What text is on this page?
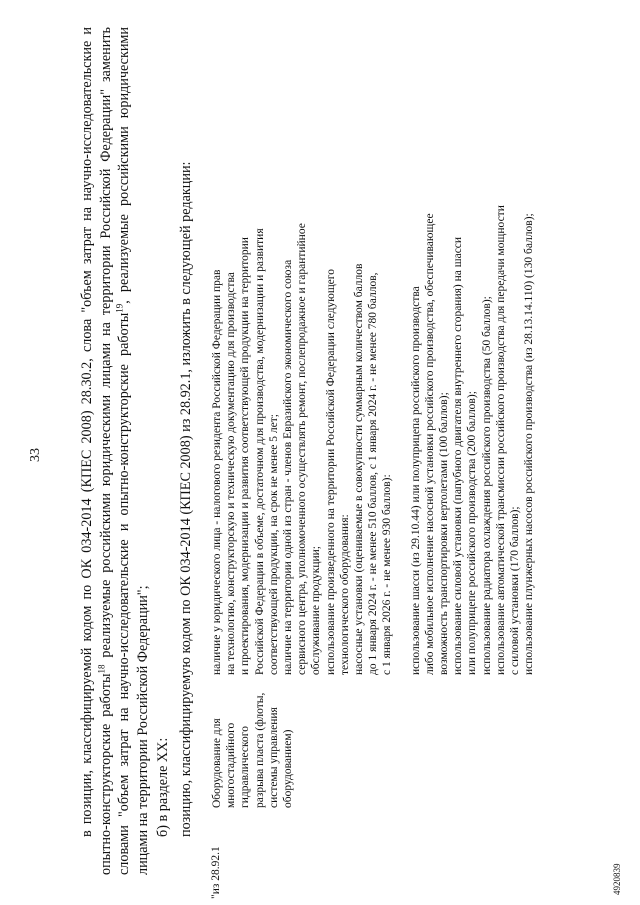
33	в позиции, классифицируемой кодом по ОК 034-2014 (КПЕС 2008) 28.30.2, слова "объем затрат на научно-исследовательские и опытно-конструкторские работы$^{18}$ реализуемые российскими юридическими лицами на территории Российской Федерации" заменить словами "объем затрат на научно-исследовательские и опытно-конструкторские работы$^{19}$, реализуемые российскими юридическими лицами на территории Российской Федерации"; б) в разделе XX: позицию, классифицируемую кодом по ОК 034-2014 (КПЕС 2008) из 28.92.1, изложить в следующей редакции:
"из 28.92.1
Оборудование для многостадийного гидравлического разрыва пласта (флоты, системы управления оборудованием)
наличие у юридического лица - налогового резидента Российской Федерации прав на технологию, конструкторскую и техническую документацию для производства и проектирования, модернизации и развития соответствующей продукции на территории Российской Федерации в объеме, достаточном для производства, модернизации и развития соответствующей продукции, на срок не менее 5 лет; наличие на территории одной из стран - членов Евразийского экономического союза сервисного центра, уполномоченного осуществлять ремонт, послепродажное и гарантийное обслуживание продукции; использование произведенного на территории Российской Федерации следующего технологического оборудования: насосные установки (оцениваемые в совокупности суммарным количеством баллов до 1 января 2024 г. - не менее 510 баллов, с 1 января 2024 г. - не менее 780 баллов, с 1 января 2026 г. - не менее 930 баллов): использование шасси (из 29.10.44) или полуприцепа российского производства либо мобильное исполнение насосной установки российского производства, обеспечивающее возможность транспортировки вертолетами (100 баллов); использование силовой установки (папубного двигателя внутреннего сгорания) на шасси или полуприцепе российского производства (200 баллов); использование радиатора охлаждения российского производства (50 баллов); использование автоматической трансмиссии российского производства для передачи мощности с силовой установки (170 баллов); использование плунжерных насосов российского производства (из 28.13.14.110) (130 баллов);
4920839
